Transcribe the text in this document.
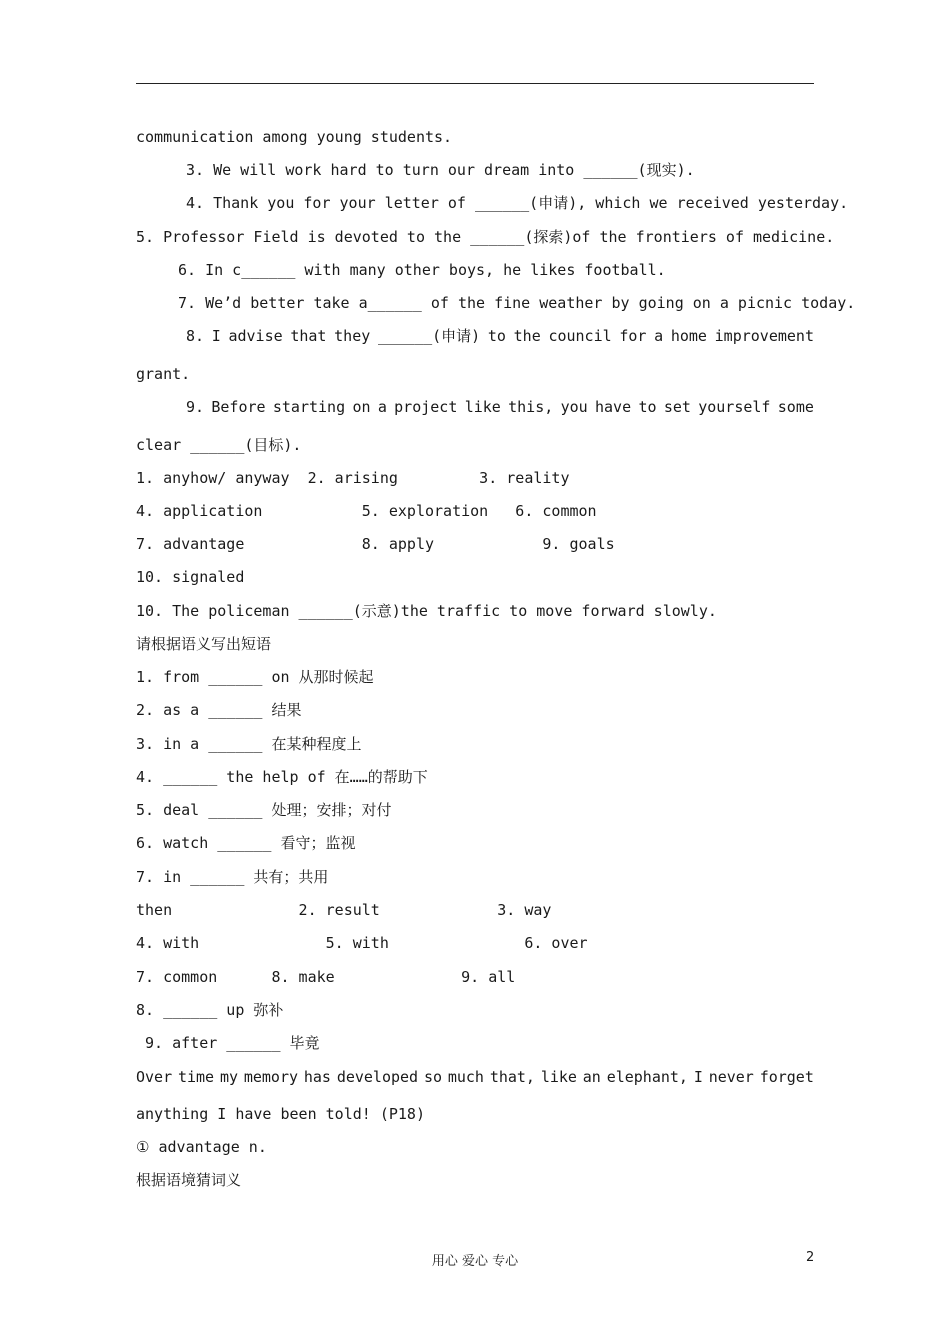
communication among young students.
3. We will work hard to turn our dream into ______(现实).
4. Thank you for your letter of ______(申请), which we received yesterday.
5. Professor Field is devoted to the ______(探索)of the frontiers of medicine.
6. In c______ with many other boys, he likes football.
7. We’d better take a______ of the fine weather by going on a picnic today.
8. I advise that they ______(申请) to the council for a home improvement
grant.
9. Before starting on a project like this, you have to set yourself some
clear ______(目标).
1. anyhow/ anyway  2. arising         3. reality
4. application           5. exploration   6. common
7. advantage             8. apply            9. goals
10. signaled
10. The policeman ______(示意)the traffic to move forward slowly.
请根据语义写出短语
1. from ______ on 从那时候起
2. as a ______ 结果
3. in a ______ 在某种程度上
4. ______ the help of 在……的帮助下
5. deal ______ 处理；安排；对付
6. watch ______ 看守；监视
7. in ______ 共有；共用
then              2. result             3. way
4. with              5. with               6. over
7. common      8. make              9. all
8. ______ up 弥补
9. after ______ 毕竟
Over time my memory has developed so much that, like an elephant, I never forget
anything I have been told! (P18)
① advantage n.
根据语境猜词义
用心 爱心 专心	2
